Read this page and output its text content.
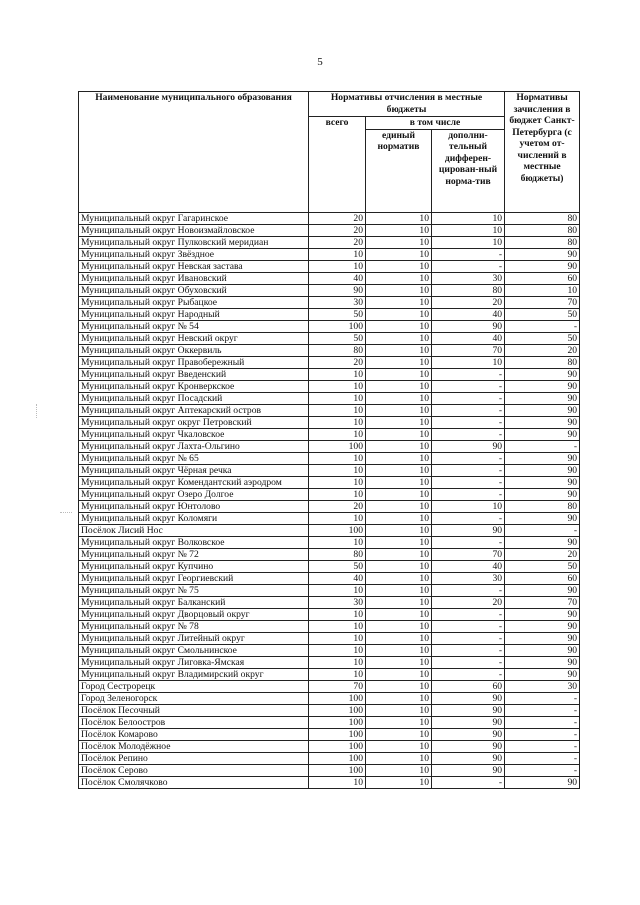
5
Наименование муниципального образования	Нормативы отчисления в местные бюджеты			Нормативы зачисления в бюджет Санкт-Петербурга (с учетом от-числений в местные бюджеты)
	всего	в том числе		
		единый норматив	дополни-тельный дифферен-цирован-ный норма-тив	
Муниципальный округ Гагаринское	20	10	10	80
Муниципальный округ Новоизмайловское	20	10	10	80
Муниципальный округ Пулковский меридиан	20	10	10	80
Муниципальный округ Звёздное	10	10	-	90
Муниципальный округ Невская застава	10	10	-	90
Муниципальный округ Ивановский	40	10	30	60
Муниципальный округ Обуховский	90	10	80	10
Муниципальный округ Рыбацкое	30	10	20	70
Муниципальный округ Народный	50	10	40	50
Муниципальный округ № 54	100	10	90	-
Муниципальный округ Невский округ	50	10	40	50
Муниципальный округ Оккервиль	80	10	70	20
Муниципальный округ Правобережный	20	10	10	80
Муниципальный округ Введенский	10	10	-	90
Муниципальный округ Кронверкское	10	10	-	90
Муниципальный округ Посадский	10	10	-	90
Муниципальный округ Аптекарский остров	10	10	-	90
Муниципальный округ округ Петровский	10	10	-	90
Муниципальный округ Чкаловское	10	10	-	90
Муниципальный округ Лахта-Ольгино	100	10	90	-
Муниципальный округ № 65	10	10	-	90
Муниципальный округ Чёрная речка	10	10	-	90
Муниципальный округ Комендантский аэродром	10	10	-	90
Муниципальный округ Озеро Долгое	10	10	-	90
Муниципальный округ Юнтолово	20	10	10	80
Муниципальный округ Коломяги	10	10	-	90
Посёлок Лисий Нос	100	10	90	-
Муниципальный округ Волковское	10	10	-	90
Муниципальный округ № 72	80	10	70	20
Муниципальный округ Купчино	50	10	40	50
Муниципальный округ Георгиевский	40	10	30	60
Муниципальный округ № 75	10	10	-	90
Муниципальный округ Балканский	30	10	20	70
Муниципальный округ Дворцовый округ	10	10	-	90
Муниципальный округ № 78	10	10	-	90
Муниципальный округ Литейный округ	10	10	-	90
Муниципальный округ Смольнинское	10	10	-	90
Муниципальный округ Лиговка-Ямская	10	10	-	90
Муниципальный округ Владимирский округ	10	10	-	90
Город Сестрорецк	70	10	60	30
Город Зеленогорск	100	10	90	-
Посёлок Песочный	100	10	90	-
Посёлок Белоостров	100	10	90	-
Посёлок Комарово	100	10	90	-
Посёлок Молодёжное	100	10	90	-
Посёлок Репино	100	10	90	-
Посёлок Серово	100	10	90	-
Посёлок Смолячково	10	10	-	90
